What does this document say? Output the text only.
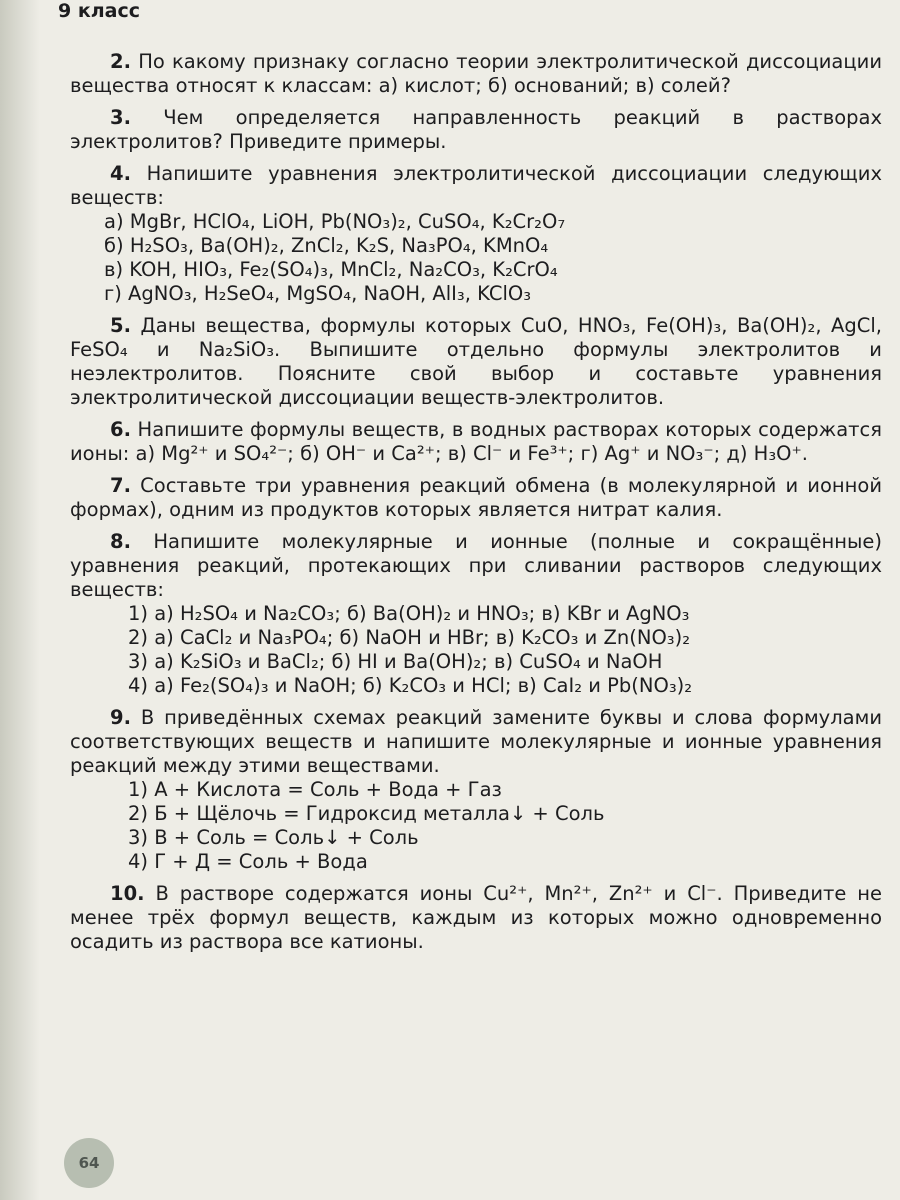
9 класс
2. По какому признаку согласно теории электролитической диссоциации вещества относят к классам: а) кислот; б) оснований; в) солей?
3. Чем определяется направленность реакций в растворах электролитов? Приведите примеры.
4. Напишите уравнения электролитической диссоциации следующих веществ:
а) MgBr, HClO₄, LiOH, Pb(NO₃)₂, CuSO₄, K₂Cr₂O₇
б) H₂SO₃, Ba(OH)₂, ZnCl₂, K₂S, Na₃PO₄, KMnO₄
в) KOH, HIO₃, Fe₂(SO₄)₃, MnCl₂, Na₂CO₃, K₂CrO₄
г) AgNO₃, H₂SeO₄, MgSO₄, NaOH, AlI₃, KClO₃
5. Даны вещества, формулы которых CuO, HNO₃, Fe(OH)₃, Ba(OH)₂, AgCl, FeSO₄ и Na₂SiO₃. Выпишите отдельно формулы электролитов и неэлектролитов. Поясните свой выбор и составьте уравнения электролитической диссоциации веществ-электролитов.
6. Напишите формулы веществ, в водных растворах которых содержатся ионы: а) Mg²⁺ и SO₄²⁻; б) OH⁻ и Ca²⁺; в) Cl⁻ и Fe³⁺; г) Ag⁺ и NO₃⁻; д) H₃O⁺.
7. Составьте три уравнения реакций обмена (в молекулярной и ионной формах), одним из продуктов которых является нитрат калия.
8. Напишите молекулярные и ионные (полные и сокращённые) уравнения реакций, протекающих при сливании растворов следующих веществ:
1) а) H₂SO₄ и Na₂CO₃; б) Ba(OH)₂ и HNO₃; в) KBr и AgNO₃
2) а) CaCl₂ и Na₃PO₄; б) NaOH и HBr; в) K₂CO₃ и Zn(NO₃)₂
3) а) K₂SiO₃ и BaCl₂; б) HI и Ba(OH)₂; в) CuSO₄ и NaOH
4) а) Fe₂(SO₄)₃ и NaOH; б) K₂CO₃ и HCl; в) CaI₂ и Pb(NO₃)₂
9. В приведённых схемах реакций замените буквы и слова формулами соответствующих веществ и напишите молекулярные и ионные уравнения реакций между этими веществами.
1) А + Кислота = Соль + Вода + Газ
2) Б + Щёлочь = Гидроксид металла↓ + Соль
3) В + Соль = Соль↓ + Соль
4) Г + Д = Соль + Вода
10. В растворе содержатся ионы Cu²⁺, Mn²⁺, Zn²⁺ и Cl⁻. Приведите не менее трёх формул веществ, каждым из которых можно одновременно осадить из раствора все катионы.
64
